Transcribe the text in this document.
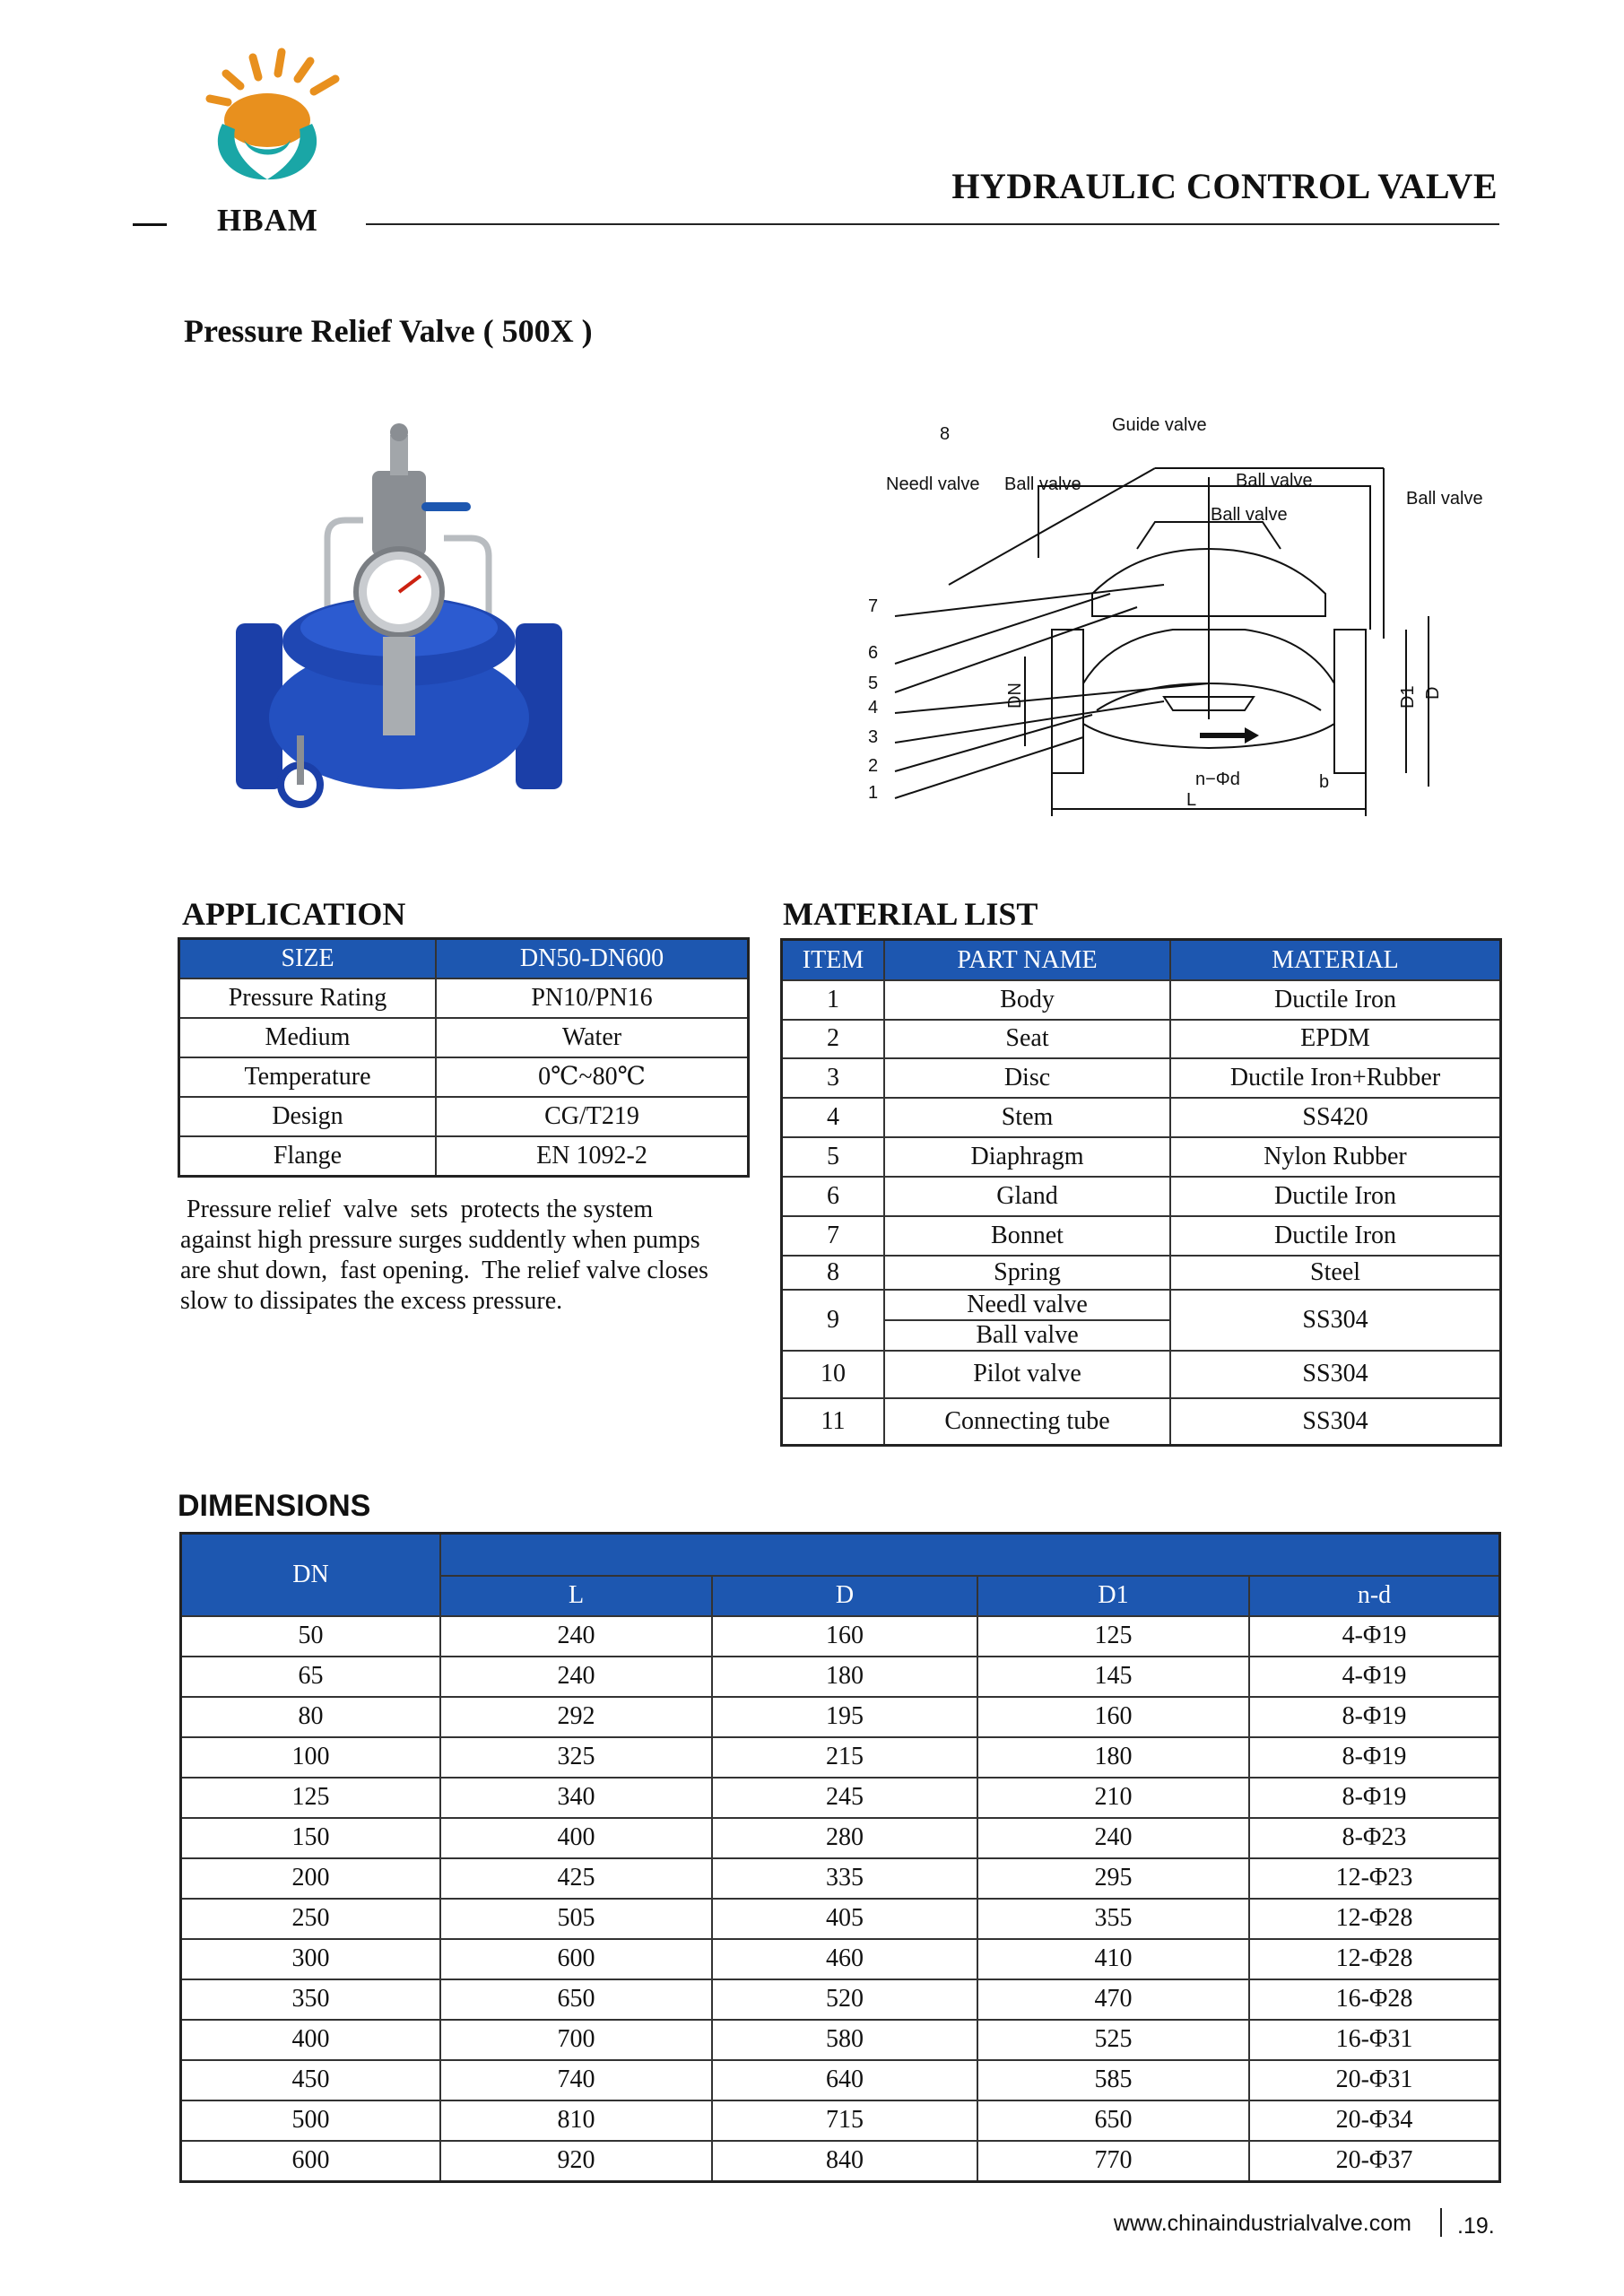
HBAM
HYDRAULIC CONTROL VALVE
Pressure Relief Valve ( 500X )
1
2
3
4
5
6
7
8	Guide valve
Needl valve Ball valve	Ball valve
Ball valve
Ball valve
DN	D1 D
n−Φd	b
L
APPLICATION
SIZE	DN50-DN600
Pressure Rating	PN10/PN16
Medium	Water
Temperature	0℃~80℃
Design	CG/T219
Flange	EN 1092-2
Pressure relief  valve  sets  protects the system
against high pressure surges suddently when pumps
are shut down,  fast opening.  The relief valve closes
slow to dissipates the excess pressure.
MATERIAL LIST
ITEM	PART NAME	MATERIAL
1	Body	Ductile Iron
2	Seat	EPDM
3	Disc	Ductile Iron+Rubber
4	Stem	SS420
5	Diaphragm	Nylon Rubber
6	Gland	Ductile Iron
7	Bonnet	Ductile Iron
8	Spring	Steel
9	Needl valve	SS304
	Ball valve	
10	Pilot valve	SS304
11	Connecting tube	SS304
DIMENSIONS
DN				
	L	D	D1	n-d
50	240	160	125	4-Φ19
65	240	180	145	4-Φ19
80	292	195	160	8-Φ19
100	325	215	180	8-Φ19
125	340	245	210	8-Φ19
150	400	280	240	8-Φ23
200	425	335	295	12-Φ23
250	505	405	355	12-Φ28
300	600	460	410	12-Φ28
350	650	520	470	16-Φ28
400	700	580	525	16-Φ31
450	740	640	585	20-Φ31
500	810	715	650	20-Φ34
600	920	840	770	20-Φ37
www.chinaindustrialvalve.com .19.
